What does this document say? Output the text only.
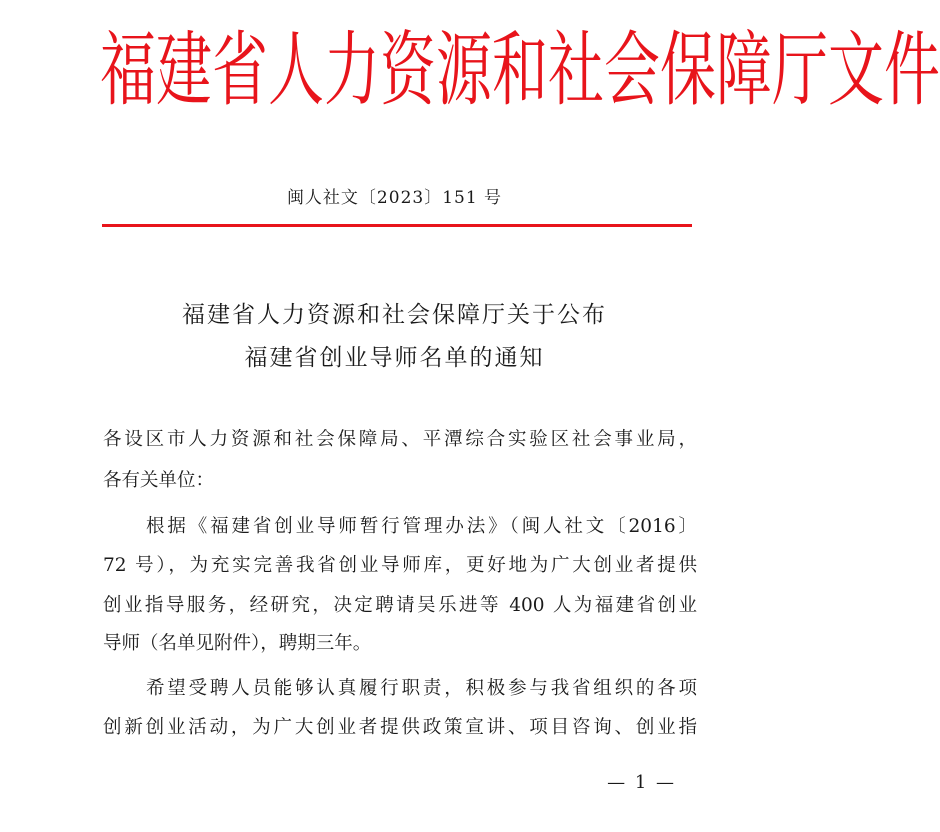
福 建 省 人 力 资 源 和 社 会 保 障 厅 文 件
闽人社文〔2023〕151 号
福建省人力资源和社会保障厅关于公布
福建省创业导师名单的通知
各设区市人力资源和社会保障局、平潭综合实验区社会事业局，
各有关单位：
根据《福建省创业导师暂行管理办法》（闽人社文〔2016〕
72 号），为充实完善我省创业导师库，更好地为广大创业者提供
创业指导服务，经研究，决定聘请吴乐进等 400 人为福建省创业
导师（名单见附件），聘期三年。
希望受聘人员能够认真履行职责，积极参与我省组织的各项
创新创业活动，为广大创业者提供政策宣讲、项目咨询、创业指
— 1 —
